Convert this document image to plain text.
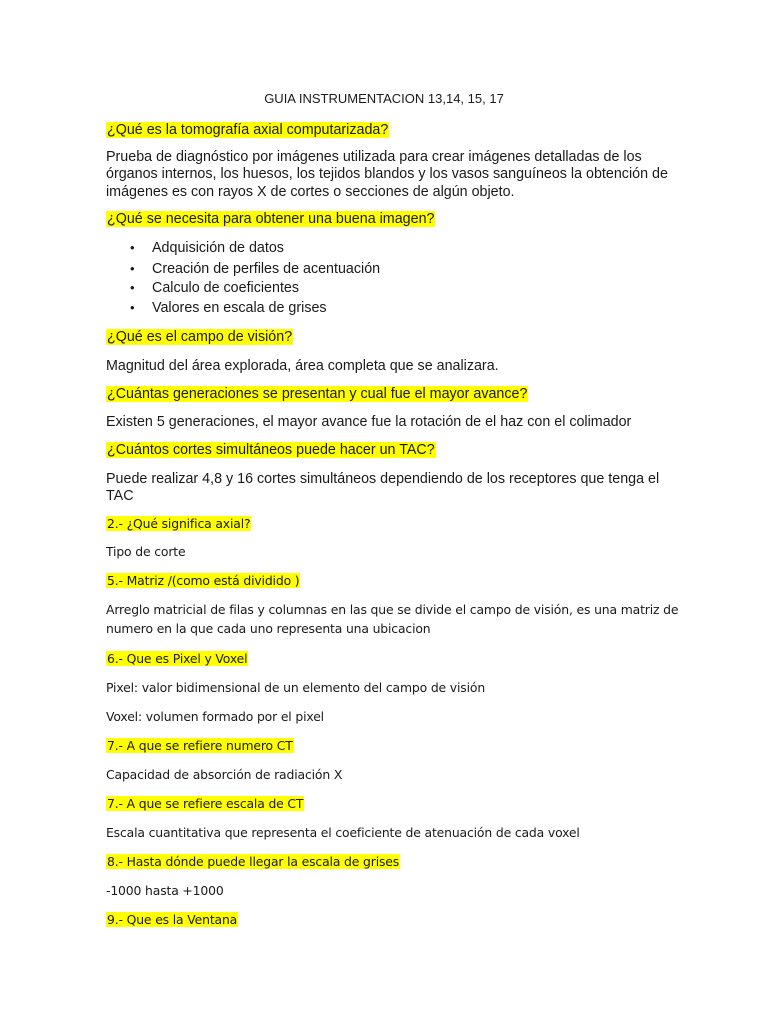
GUIA INSTRUMENTACION 13,14, 15, 17
¿Qué es la tomografía axial computarizada?
Prueba de diagnóstico por imágenes utilizada para crear imágenes detalladas de los
órganos internos, los huesos, los tejidos blandos y los vasos sanguíneos la obtención de
imágenes es con rayos X de cortes o secciones de algún objeto.
¿Qué se necesita para obtener una buena imagen?
• Adquisición de datos
• Creación de perfiles de acentuación
• Calculo de coeficientes
• Valores en escala de grises
¿Qué es el campo de visión?
Magnitud del área explorada, área completa que se analizara.
¿Cuántas generaciones se presentan y cual fue el mayor avance?
Existen 5 generaciones, el mayor avance fue la rotación de el haz con el colimador
¿Cuántos cortes simultáneos puede hacer un TAC?
Puede realizar 4,8 y 16 cortes simultáneos dependiendo de los receptores que tenga el
TAC
2.- ¿Qué significa axial?
Tipo de corte
5.- Matriz /(como está dividido )
Arreglo matricial de filas y columnas en las que se divide el campo de visión, es una matriz de
numero en la que cada uno representa una ubicacion
6.- Que es Pixel y Voxel
Pixel: valor bidimensional de un elemento del campo de visión
Voxel: volumen formado por el pixel
7.- A que se refiere numero CT
Capacidad de absorción de radiación X
7.- A que se refiere escala de CT
Escala cuantitativa que representa el coeficiente de atenuación de cada voxel
8.- Hasta dónde puede llegar la escala de grises
-1000 hasta +1000
9.- Que es la Ventana
